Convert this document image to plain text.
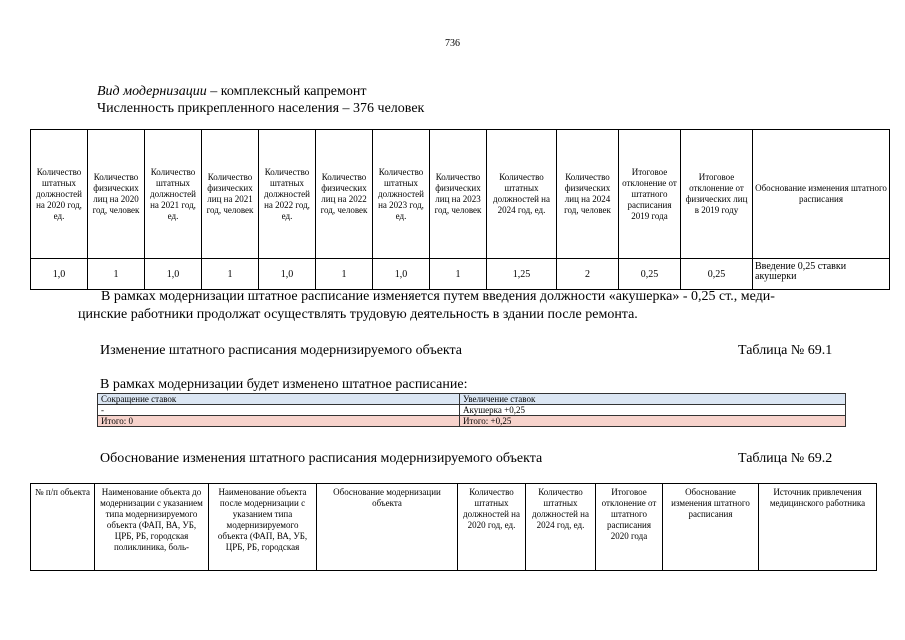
736
Вид модернизации – комплексный капремонт
Численность прикрепленного населения – 376 человек
Количество штатных должностей на 2020 год, ед.	Количество физических лиц на 2020 год, человек	Количество штатных должностей на 2021 год, ед.	Количество физических лиц на 2021 год, человек	Количество штатных должностей на 2022 год, ед.	Количество физических лиц на 2022 год, человек	Количество штатных должностей на 2023 год, ед.	Количество физических лиц на 2023 год, человек	Количество штатных должностей на 2024 год, ед.	Количество физических лиц на 2024 год, человек	Итоговое отклонение от штатного расписания 2019 года	Итоговое отклонение от физических лиц в 2019 году	Обоснование изменения штатного расписания
1,0	1	1,0	1	1,0	1	1,0	1	1,25	2	0,25	0,25	Введение 0,25 ставки акушерки
В рамках модернизации штатное расписание изменяется путем введения должности «акушерка» - 0,25 ст., меди-
цинские работники продолжат осуществлять трудовую деятельность в здании после ремонта.
Изменение штатного расписания модернизируемого объекта	Таблица № 69.1
В рамках модернизации будет изменено штатное расписание:
Сокращение ставок	Увеличение ставок
-	Акушерка +0,25
Итого: 0	Итого: +0,25
Обоснование изменения штатного расписания модернизируемого объекта	Таблица № 69.2
№ п/п объекта	Наименование объекта до модернизации с указанием типа модернизируемого объекта (ФАП, ВА, УБ, ЦРБ, РБ, городская поликлиника, боль-	Наименование объекта после модернизации с указанием типа модернизируемого объекта (ФАП, ВА, УБ, ЦРБ, РБ, городская	Обоснование модернизации объекта	Количество штатных должностей на 2020 год, ед.	Количество штатных должностей на 2024 год, ед.	Итоговое отклонение от штатного расписания 2020 года	Обоснование изменения штатного расписания	Источник привлечения медицинского работника
